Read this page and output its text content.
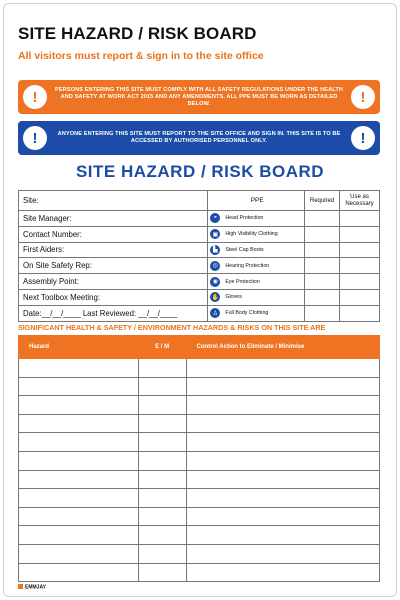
SITE HAZARD / RISK BOARD
All visitors must report & sign in to the site office
!	PERSONS ENTERING THIS SITE MUST COMPLY WITH ALL SAFETY REGULATIONS UNDER THE HEALTH AND SAFETY AT WORK ACT 2015 AND ANY AMENDMENTS. ALL PPE MUST BE WORN AS DETAILED BELOW.	!
!	ANYONE ENTERING THIS SITE MUST REPORT TO THE SITE OFFICE AND SIGN IN. THIS SITE IS TO BE ACCESSED BY AUTHORISED PERSONNEL ONLY.	!
SITE HAZARD / RISK BOARD
Site:	PPE	Required	Use as Necessary
Site Manager:	◓ Head Protection		

Contact Number:	▣ High Visibility Clothing		

First Aiders:	▙ Steel Cap Boots		

On Site Safety Rep:	◎ Hearing Protection		

Assembly Point:	◉ Eye Protection		

Next Toolbox Meeting:	✋ Gloves		

Date:__/__/____ Last Reviewed: __/__/____	♙ Full Body Clothing		

SIGNIFICANT HEALTH & SAFETY / ENVIRONMENT HAZARDS & RISKS ON THIS SITE ARE
Hazard	E / M	Control Action to Eliminate / Minimise

EMMJAY
